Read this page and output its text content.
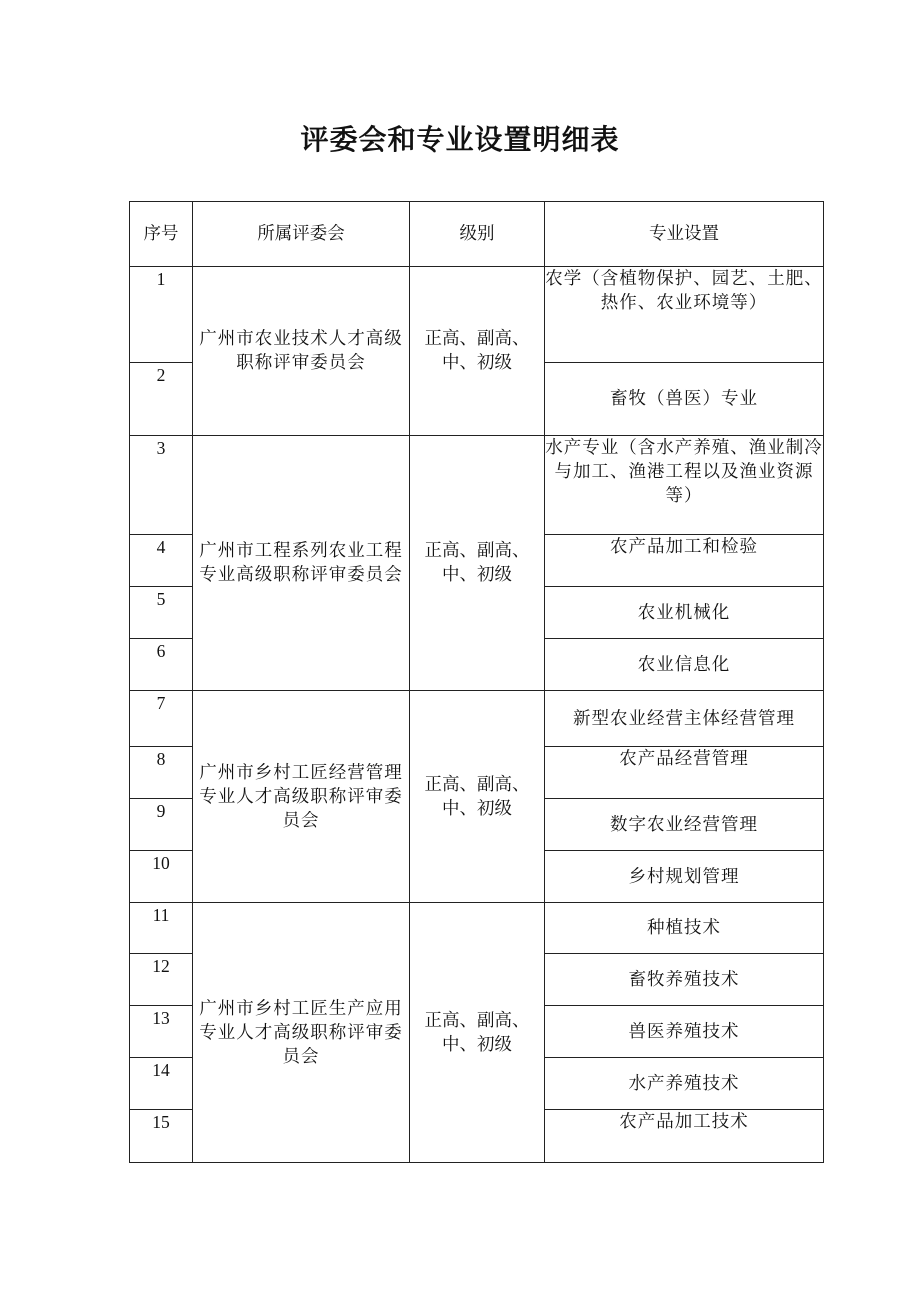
评委会和专业设置明细表
序号	所属评委会	级别	专业设置
1	广州市农业技术人才高级职称评审委员会	正高、副高、中、初级	农学（含植物保护、园艺、土肥、热作、农业环境等）
2			畜牧（兽医）专业
3	广州市工程系列农业工程专业高级职称评审委员会	正高、副高、中、初级	水产专业（含水产养殖、渔业制冷与加工、渔港工程以及渔业资源等）
4			农产品加工和检验
5			农业机械化
6			农业信息化
7	广州市乡村工匠经营管理专业人才高级职称评审委员会	正高、副高、中、初级	新型农业经营主体经营管理
8			农产品经营管理
9			数字农业经营管理
10			乡村规划管理
11	广州市乡村工匠生产应用专业人才高级职称评审委员会	正高、副高、中、初级	种植技术
12			畜牧养殖技术
13			兽医养殖技术
14			水产养殖技术
15			农产品加工技术
